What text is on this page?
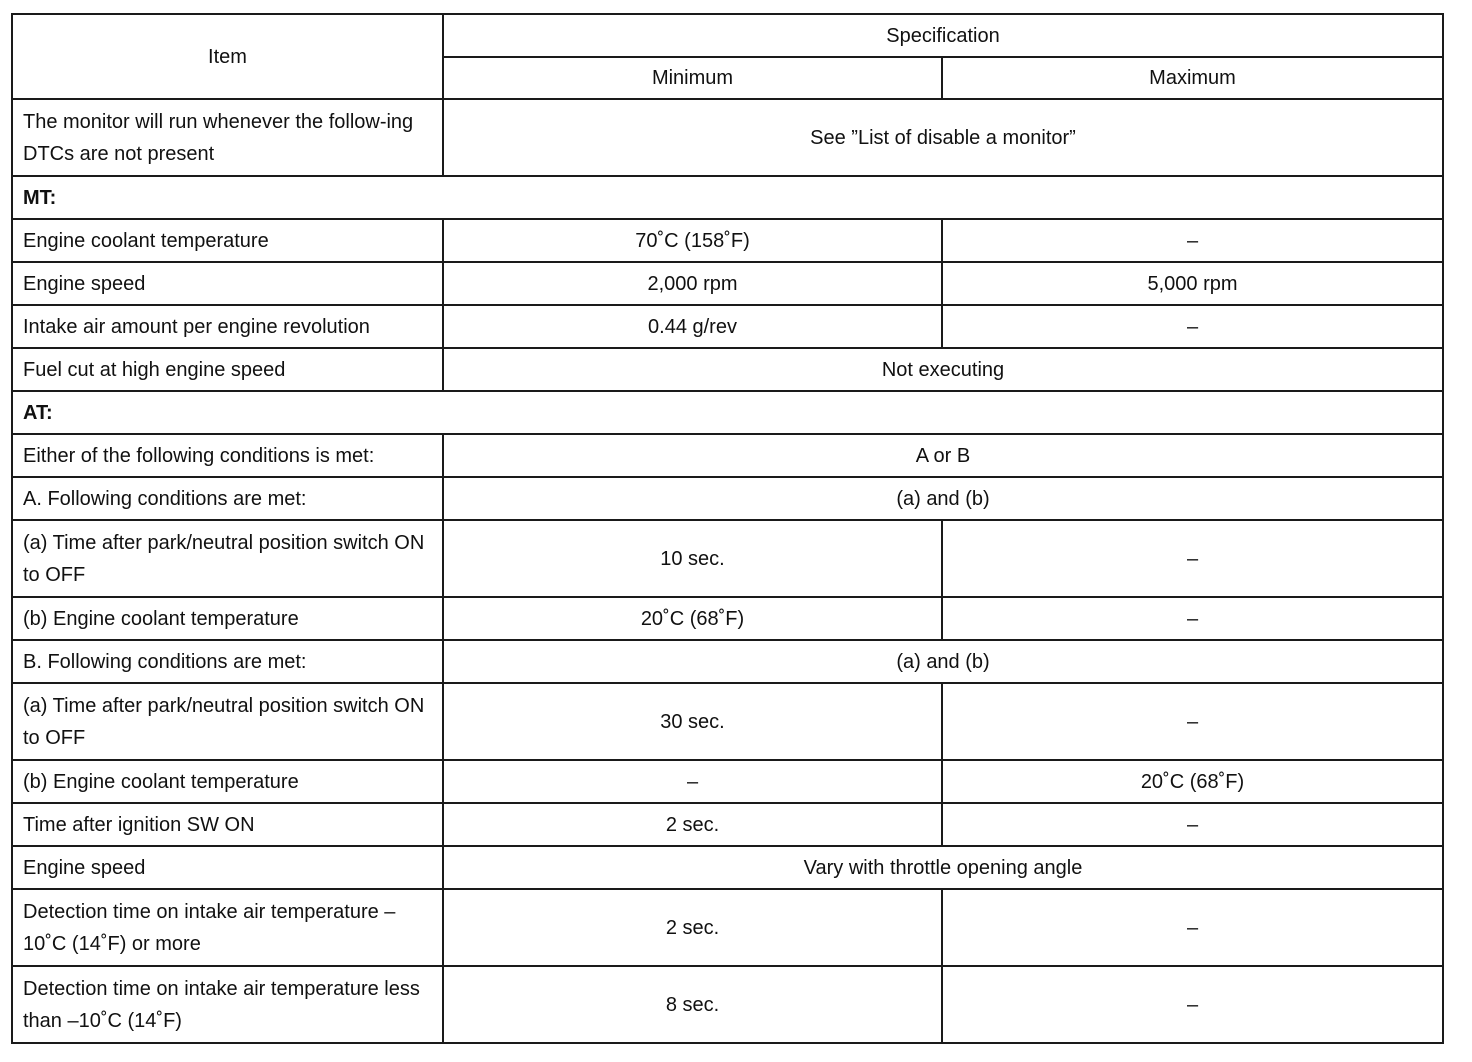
Item	Specification	
	Minimum	Maximum
The monitor will run whenever the follow-ing DTCs are not present	See ”List of disable a monitor”	
MT:		
Engine coolant temperature	70˚C (158˚F)	–
Engine speed	2,000 rpm	5,000 rpm
Intake air amount per engine revolution	0.44 g/rev	–
Fuel cut at high engine speed	Not executing	
AT:		
Either of the following conditions is met:	A or B	
A. Following conditions are met:	(a) and (b)	
(a) Time after park/neutral position switch ON to OFF	10 sec.	–
(b) Engine coolant temperature	20˚C (68˚F)	–
B. Following conditions are met:	(a) and (b)	
(a) Time after park/neutral position switch ON to OFF	30 sec.	–
(b) Engine coolant temperature	–	20˚C (68˚F)
Time after ignition SW ON	2 sec.	–
Engine speed	Vary with throttle opening angle	
Detection time on intake air temperature –10˚C (14˚F) or more	2 sec.	–
Detection time on intake air temperature less than –10˚C (14˚F)	8 sec.	–
